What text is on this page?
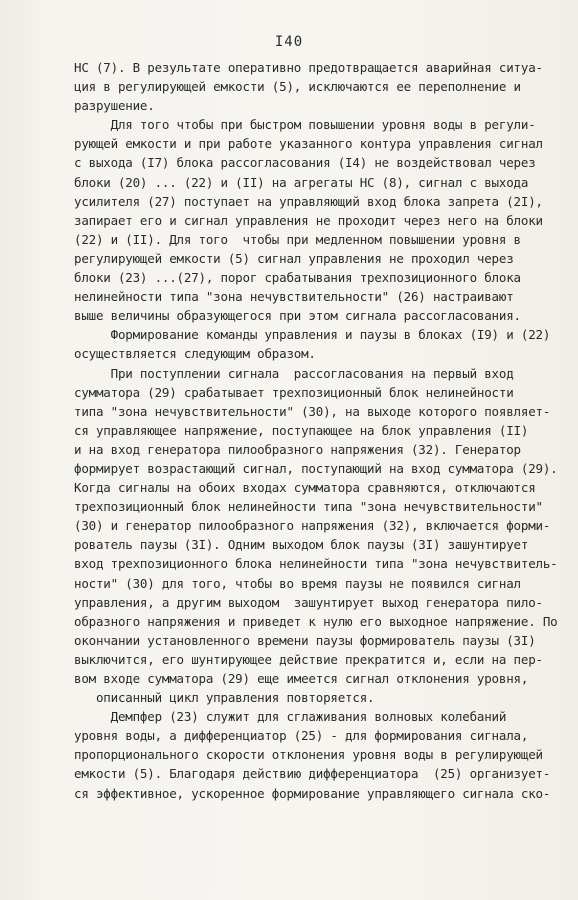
I40
НС (7). В результате оперативно предотвращается аварийная ситуа-
ция в регулирующей емкости (5), исключаются ее переполнение и
разрушение.
Для того чтобы при быстром повышении уровня воды в регули-
рующей емкости и при работе указанного контура управления сигнал
с выхода (I7) блока рассогласования (I4) не воздействовал через
блоки (20) ... (22) и (II) на агрегаты НС (8), сигнал с выхода
усилителя (27) поступает на управляющий вход блока запрета (2I),
запирает его и сигнал управления не проходит через него на блоки
(22) и (II). Для того  чтобы при медленном повышении уровня в
регулирующей емкости (5) сигнал управления не проходил через
блоки (23) ...(27), порог срабатывания трехпозиционного блока
нелинейности типа "зона нечувствительности" (26) настраивают
выше величины образующегося при этом сигнала рассогласования.
Формирование команды управления и паузы в блоках (I9) и (22)
осуществляется следующим образом.
При поступлении сигнала  рассогласования на первый вход
сумматора (29) срабатывает трехпозиционный блок нелинейности
типа "зона нечувствительности" (30), на выходе которого появляет-
ся управляющее напряжение, поступающее на блок управления (II)
и на вход генератора пилообразного напряжения (32). Генератор
формирует возрастающий сигнал, поступающий на вход сумматора (29).
Когда сигналы на обоих входах сумматора сравняются, отключаются
трехпозиционный блок нелинейности типа "зона нечувствительности"
(30) и генератор пилообразного напряжения (32), включается форми-
рователь паузы (3I). Одним выходом блок паузы (3I) зашунтирует
вход трехпозиционного блока нелинейности типа "зона нечувствитель-
ности" (30) для того, чтобы во время паузы не появился сигнал
управления, а другим выходом  зашунтирует выход генератора пило-
образного напряжения и приведет к нулю его выходное напряжение. По
окончании установленного времени паузы формирователь паузы (3I)
выключится, его шунтирующее действие прекратится и, если на пер-
вом входе сумматора (29) еще имеется сигнал отклонения уровня,
описанный цикл управления повторяется.
Демпфер (23) служит для сглаживания волновых колебаний
уровня воды, а дифференциатор (25) - для формирования сигнала,
пропорционального скорости отклонения уровня воды в регулирующей
емкости (5). Благодаря действию дифференциатора  (25) организует-
ся эффективное, ускоренное формирование управляющего сигнала ско-
